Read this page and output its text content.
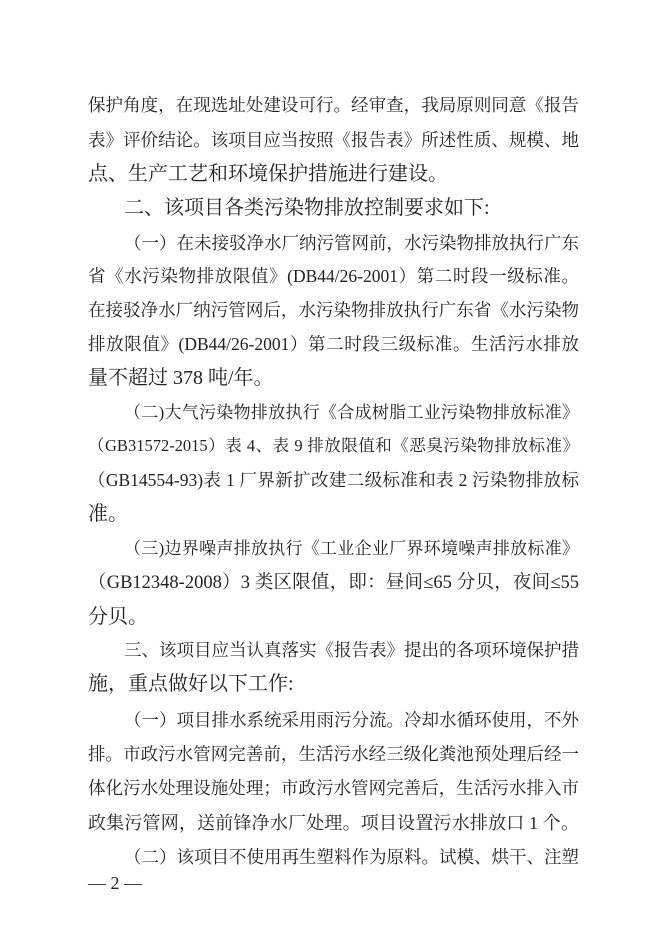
保护角度，在现选址处建设可行。经审查，我局原则同意《报告
表》评价结论。该项目应当按照《报告表》所述性质、规模、地
点、生产工艺和环境保护措施进行建设。
二、该项目各类污染物排放控制要求如下:
（一）在未接驳净水厂纳污管网前，水污染物排放执行广东
省《水污染物排放限值》(DB44/26-2001）第二时段一级标准。
在接驳净水厂纳污管网后，水污染物排放执行广东省《水污染物
排放限值》(DB44/26-2001）第二时段三级标准。生活污水排放
量不超过 378 吨/年。
（二)大气污染物排放执行《合成树脂工业污染物排放标准》
（GB31572-2015）表 4、表 9 排放限值和《恶臭污染物排放标准》
（GB14554-93)表 1 厂界新扩改建二级标准和表 2 污染物排放标
准。
（三)边界噪声排放执行《工业企业厂界环境噪声排放标准》
（GB12348-2008）3 类区限值，即：昼间≤65 分贝，夜间≤55
分贝。
三、该项目应当认真落实《报告表》提出的各项环境保护措
施，重点做好以下工作:
（一）项目排水系统采用雨污分流。冷却水循环使用，不外
排。市政污水管网完善前，生活污水经三级化粪池预处理后经一
体化污水处理设施处理；市政污水管网完善后，生活污水排入市
政集污管网，送前锋净水厂处理。项目设置污水排放口 1 个。
（二）该项目不使用再生塑料作为原料。试模、烘干、注塑
— 2 —
